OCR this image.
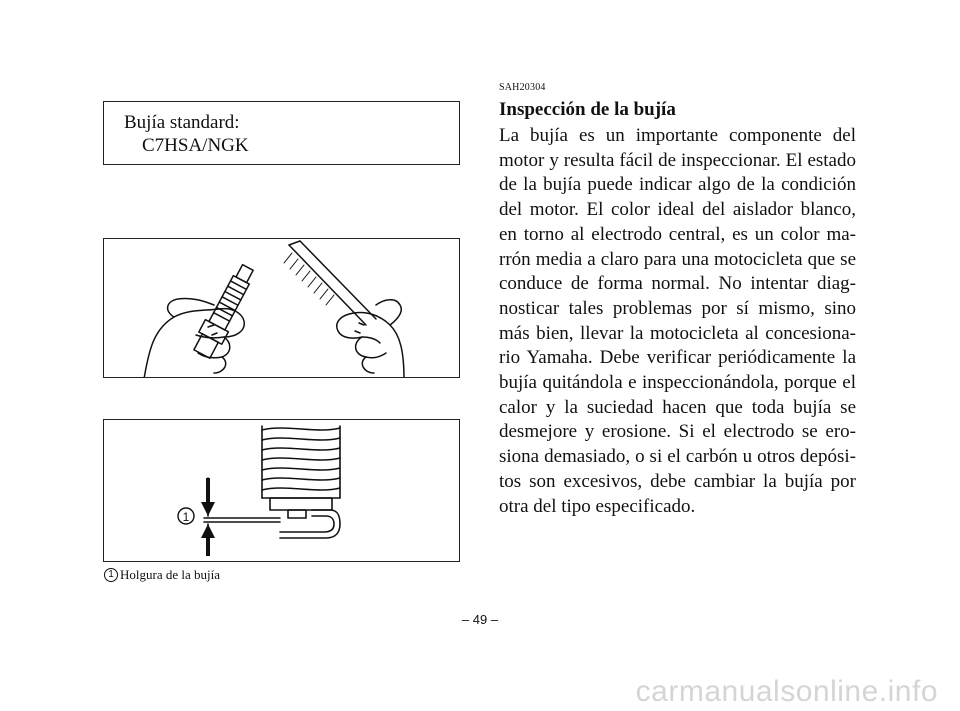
Bujía standard:
C7HSA/NGK
1
1 Holgura de la bujía
SAH20304
Inspección de la bujía
La bujía es un importante componente del motor y resulta fácil de inspeccionar. El estado de la bujía puede indicar algo de la condición del motor. El color ideal del aislador blanco, en torno al electrodo central, es un color ma-rrón media a claro para una motocicleta que se conduce de forma normal. No intentar diag-nosticar tales problemas por sí mismo, sino más bien, llevar la motocicleta al concesiona-rio Yamaha. Debe verificar periódicamente la bujía quitándola e inspeccionándola, porque el calor y la suciedad hacen que toda bujía se desmejore y erosione. Si el electrodo se ero-siona demasiado, o si el carbón u otros depósi-tos son excesivos, debe cambiar la bujía por otra del tipo especificado.
– 49 –
carmanualsonline.info
